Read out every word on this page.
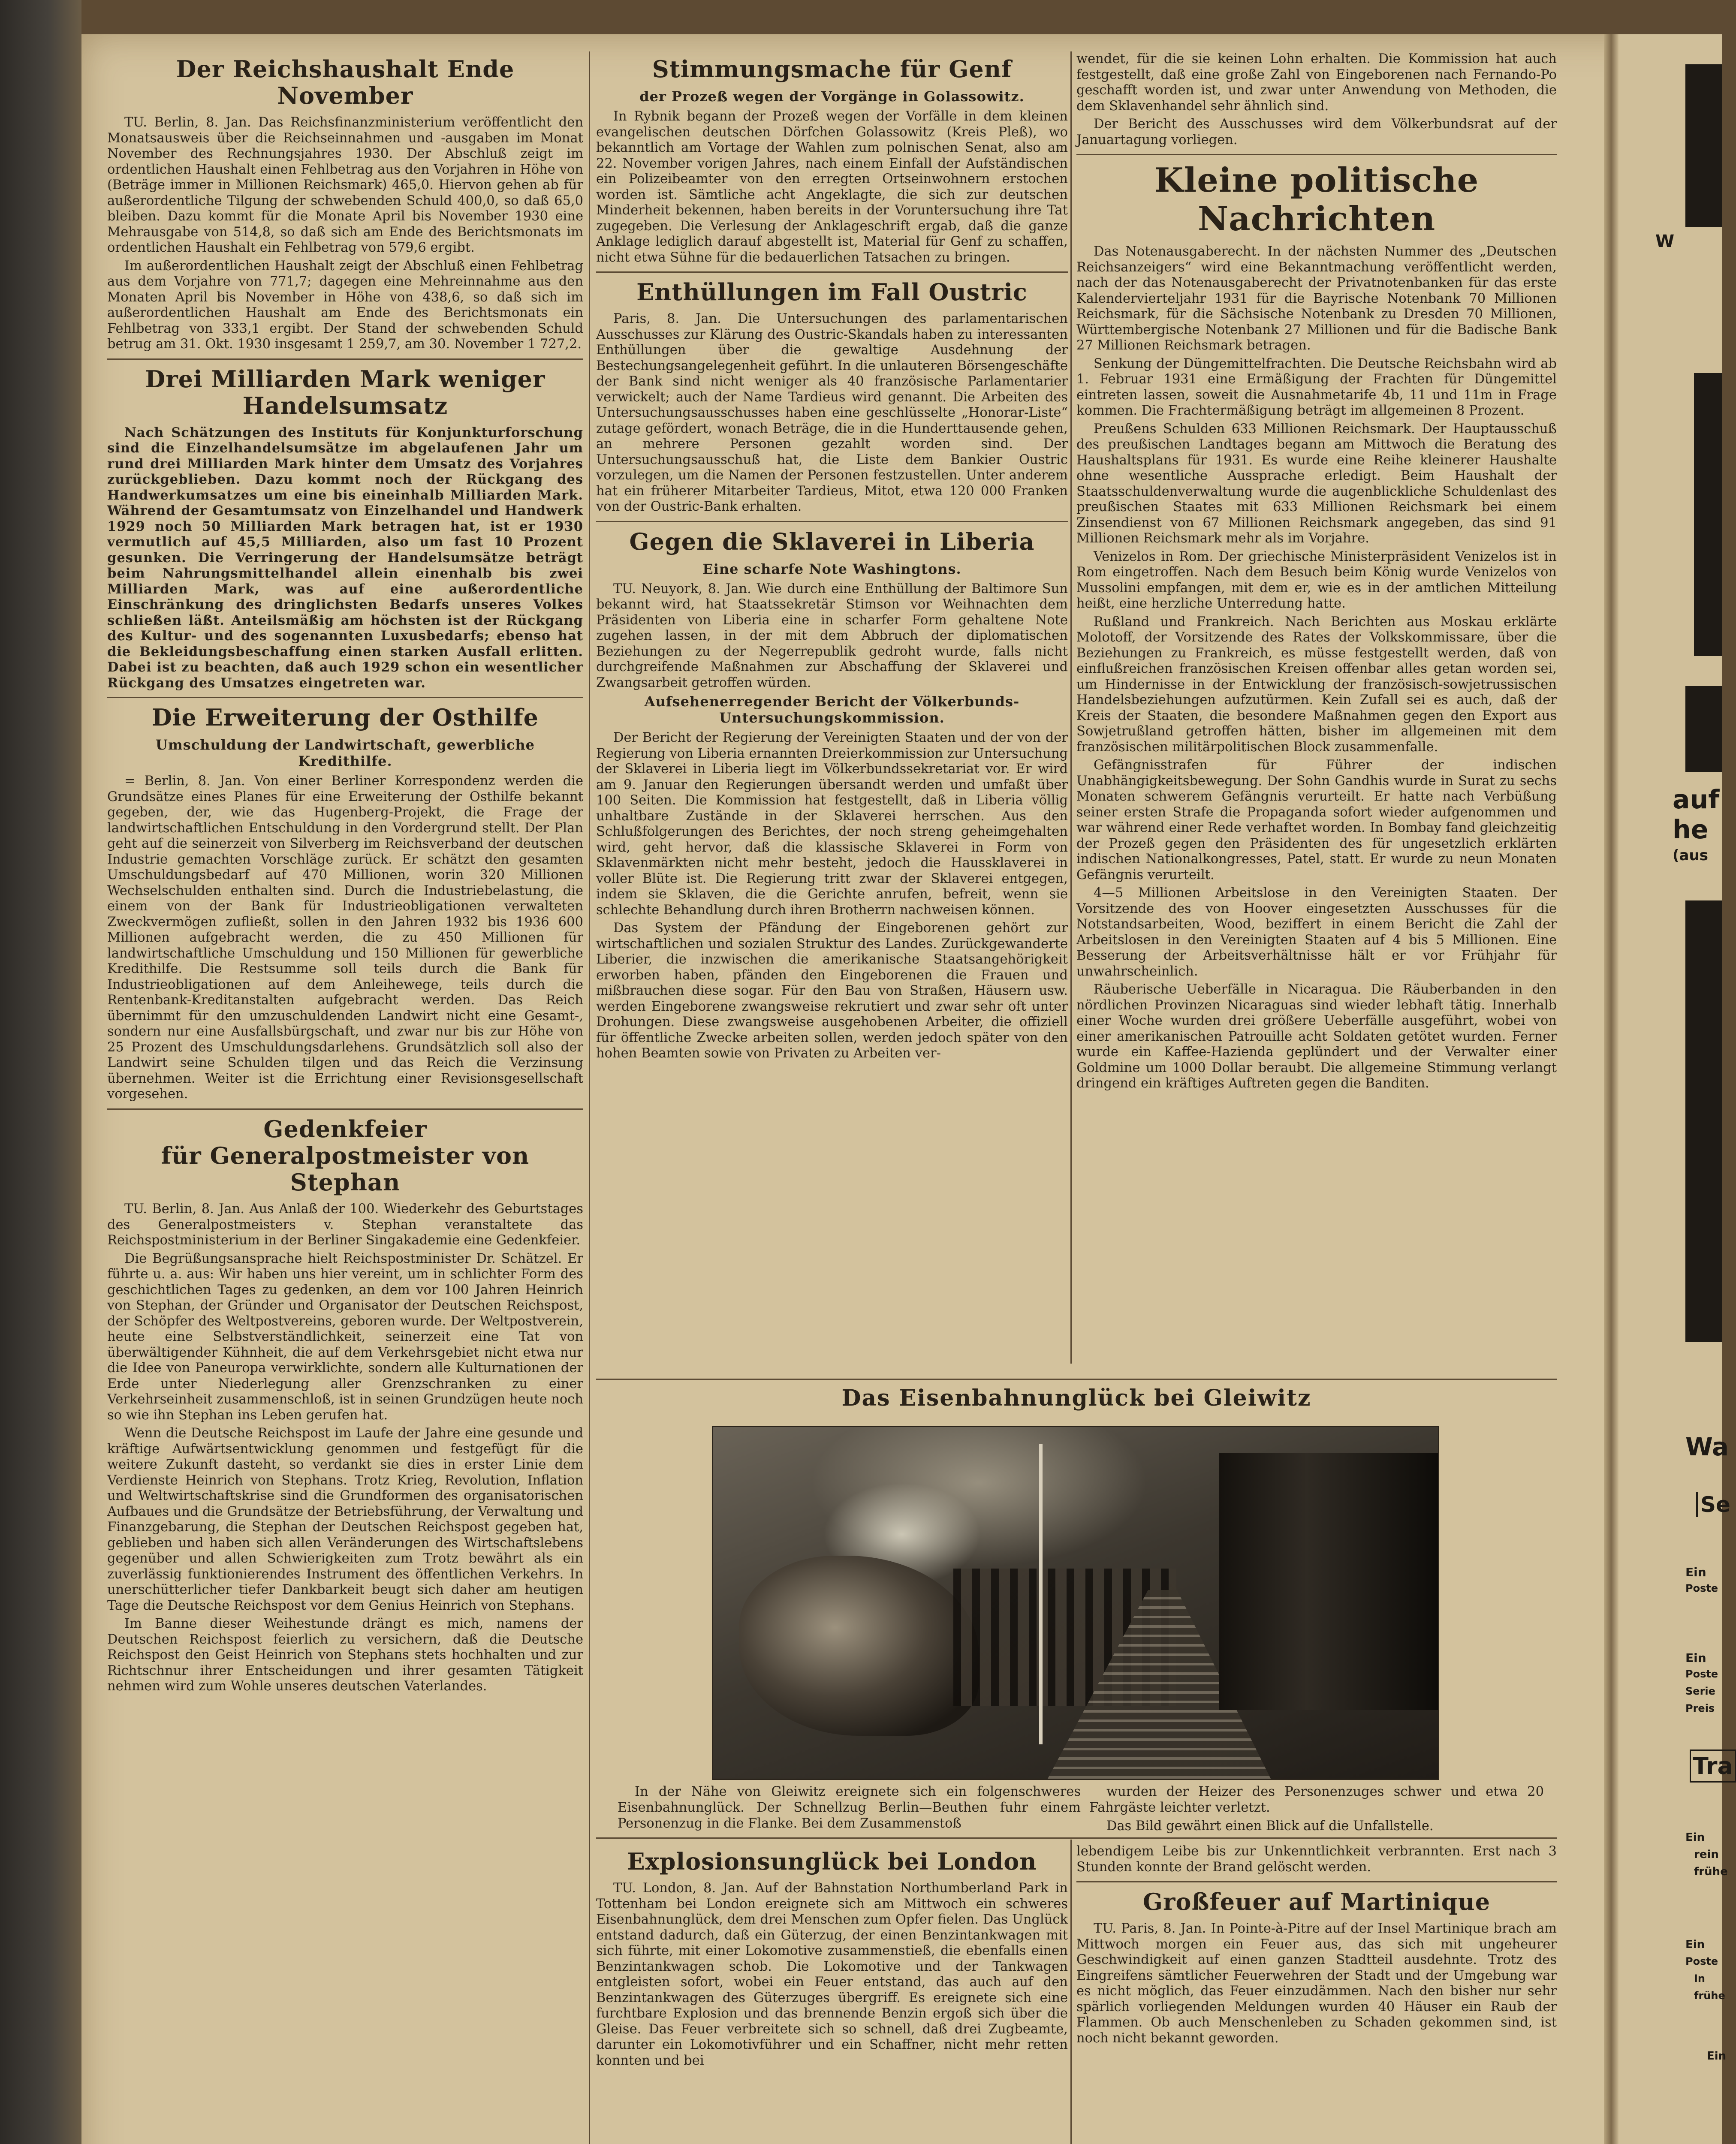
Der Reichshaushalt Ende November

TU. Berlin, 8. Jan. Das Reichsfinanzministerium veröffentlicht den Monatsausweis über die Reichseinnahmen und -ausgaben im Monat November des Rechnungsjahres 1930. Der Abschluß zeigt im ordentlichen Haushalt einen Fehlbetrag aus den Vorjahren in Höhe von (Beträge immer in Millionen Reichsmark) 465,0. Hiervon gehen ab für außerordentliche Tilgung der schwebenden Schuld 400,0, so daß 65,0 bleiben. Dazu kommt für die Monate April bis November 1930 eine Mehrausgabe von 514,8, so daß sich am Ende des Berichtsmonats im ordentlichen Haushalt ein Fehlbetrag von 579,6 ergibt.

Im außerordentlichen Haushalt zeigt der Abschluß einen Fehlbetrag aus dem Vorjahre von 771,7; dagegen eine Mehreinnahme aus den Monaten April bis November in Höhe von 438,6, so daß sich im außerordentlichen Haushalt am Ende des Berichtsmonats ein Fehlbetrag von 333,1 ergibt. Der Stand der schwebenden Schuld betrug am 31. Okt. 1930 insgesamt 1 259,7, am 30. November 1 727,2.

Drei Milliarden Mark weniger Handelsumsatz

Nach Schätzungen des Instituts für Konjunkturforschung sind die Einzelhandelsumsätze im abgelaufenen Jahr um rund drei Milliarden Mark hinter dem Umsatz des Vorjahres zurückgeblieben. Dazu kommt noch der Rückgang des Handwerkumsatzes um eine bis eineinhalb Milliarden Mark. Während der Gesamtumsatz von Einzelhandel und Handwerk 1929 noch 50 Milliarden Mark betragen hat, ist er 1930 vermutlich auf 45,5 Milliarden, also um fast 10 Prozent gesunken. Die Verringerung der Handelsumsätze beträgt beim Nahrungsmittelhandel allein einenhalb bis zwei Milliarden Mark, was auf eine außerordentliche Einschränkung des dringlichsten Bedarfs unseres Volkes schließen läßt. Anteilsmäßig am höchsten ist der Rückgang des Kultur- und des sogenannten Luxusbedarfs; ebenso hat die Bekleidungsbeschaffung einen starken Ausfall erlitten. Dabei ist zu beachten, daß auch 1929 schon ein wesentlicher Rückgang des Umsatzes eingetreten war.

Die Erweiterung der Osthilfe
Umschuldung der Landwirtschaft, gewerbliche Kredithilfe.

= Berlin, 8. Jan. Von einer Berliner Korrespondenz werden die Grundsätze eines Planes für eine Erweiterung der Osthilfe bekannt gegeben, der, wie das Hugenberg-Projekt, die Frage der landwirtschaftlichen Entschuldung in den Vordergrund stellt. Der Plan geht auf die seinerzeit von Silverberg im Reichsverband der deutschen Industrie gemachten Vorschläge zurück. Er schätzt den gesamten Umschuldungsbedarf auf 470 Millionen, worin 320 Millionen Wechselschulden enthalten sind. Durch die Industriebelastung, die einem von der Bank für Industrieobligationen verwalteten Zweckvermögen zufließt, sollen in den Jahren 1932 bis 1936 600 Millionen aufgebracht werden, die zu 450 Millionen für landwirtschaftliche Umschuldung und 150 Millionen für gewerbliche Kredithilfe. Die Restsumme soll teils durch die Bank für Industrieobligationen auf dem Anleihewege, teils durch die Rentenbank-Kreditanstalten aufgebracht werden. Das Reich übernimmt für den umzuschuldenden Landwirt nicht eine Gesamt-, sondern nur eine Ausfallsbürgschaft, und zwar nur bis zur Höhe von 25 Prozent des Umschuldungsdarlehens. Grundsätzlich soll also der Landwirt seine Schulden tilgen und das Reich die Verzinsung übernehmen. Weiter ist die Errichtung einer Revisionsgesellschaft vorgesehen.

Gedenkfeier
für Generalpostmeister von Stephan

TU. Berlin, 8. Jan. Aus Anlaß der 100. Wiederkehr des Geburtstages des Generalpostmeisters v. Stephan veranstaltete das Reichspostministerium in der Berliner Singakademie eine Gedenkfeier.

Die Begrüßungsansprache hielt Reichspostminister Dr. Schätzel. Er führte u. a. aus: Wir haben uns hier vereint, um in schlichter Form des geschichtlichen Tages zu gedenken, an dem vor 100 Jahren Heinrich von Stephan, der Gründer und Organisator der Deutschen Reichspost, der Schöpfer des Weltpostvereins, geboren wurde. Der Weltpostverein, heute eine Selbstverständlichkeit, seinerzeit eine Tat von überwältigender Kühnheit, die auf dem Verkehrsgebiet nicht etwa nur die Idee von Paneuropa verwirklichte, sondern alle Kulturnationen der Erde unter Niederlegung aller Grenzschranken zu einer Verkehrseinheit zusammenschloß, ist in seinen Grundzügen heute noch so wie ihn Stephan ins Leben gerufen hat.

Wenn die Deutsche Reichspost im Laufe der Jahre eine gesunde und kräftige Aufwärtsentwicklung genommen und festgefügt für die weitere Zukunft dasteht, so verdankt sie dies in erster Linie dem Verdienste Heinrich von Stephans. Trotz Krieg, Revolution, Inflation und Weltwirtschaftskrise sind die Grundformen des organisatorischen Aufbaues und die Grundsätze der Betriebsführung, der Verwaltung und Finanzgebarung, die Stephan der Deutschen Reichspost gegeben hat, geblieben und haben sich allen Veränderungen des Wirtschaftslebens gegenüber und allen Schwierigkeiten zum Trotz bewährt als ein zuverlässig funktionierendes Instrument des öffentlichen Verkehrs. In unerschütterlicher tiefer Dankbarkeit beugt sich daher am heutigen Tage die Deutsche Reichspost vor dem Genius Heinrich von Stephans.

Im Banne dieser Weihestunde drängt es mich, namens der Deutschen Reichspost feierlich zu versichern, daß die Deutsche Reichspost den Geist Heinrich von Stephans stets hochhalten und zur Richtschnur ihrer Entscheidungen und ihrer gesamten Tätigkeit nehmen wird zum Wohle unseres deutschen Vaterlandes.

Stimmungsmache für Genf
der Prozeß wegen der Vorgänge in Golassowitz.

In Rybnik begann der Prozeß wegen der Vorfälle in dem kleinen evangelischen deutschen Dörfchen Golassowitz (Kreis Pleß), wo bekanntlich am Vortage der Wahlen zum polnischen Senat, also am 22. November vorigen Jahres, nach einem Einfall der Aufständischen ein Polizeibeamter von den erregten Ortseinwohnern erstochen worden ist. Sämtliche acht Angeklagte, die sich zur deutschen Minderheit bekennen, haben bereits in der Voruntersuchung ihre Tat zugegeben. Die Verlesung der Anklageschrift ergab, daß die ganze Anklage lediglich darauf abgestellt ist, Material für Genf zu schaffen, nicht etwa Sühne für die bedauerlichen Tatsachen zu bringen.

Enthüllungen im Fall Oustric

Paris, 8. Jan. Die Untersuchungen des parlamentarischen Ausschusses zur Klärung des Oustric-Skandals haben zu interessanten Enthüllungen über die gewaltige Ausdehnung der Bestechungsangelegenheit geführt. In die unlauteren Börsengeschäfte der Bank sind nicht weniger als 40 französische Parlamentarier verwickelt; auch der Name Tardieus wird genannt. Die Arbeiten des Untersuchungsausschusses haben eine geschlüsselte „Honorar-Liste“ zutage gefördert, wonach Beträge, die in die Hunderttausende gehen, an mehrere Personen gezahlt worden sind. Der Untersuchungsausschuß hat, die Liste dem Bankier Oustric vorzulegen, um die Namen der Personen festzustellen. Unter anderem hat ein früherer Mitarbeiter Tardieus, Mitot, etwa 120 000 Franken von der Oustric-Bank erhalten.

Gegen die Sklaverei in Liberia
Eine scharfe Note Washingtons.

TU. Neuyork, 8. Jan. Wie durch eine Enthüllung der Baltimore Sun bekannt wird, hat Staatssekretär Stimson vor Weihnachten dem Präsidenten von Liberia eine in scharfer Form gehaltene Note zugehen lassen, in der mit dem Abbruch der diplomatischen Beziehungen zu der Negerrepublik gedroht wurde, falls nicht durchgreifende Maßnahmen zur Abschaffung der Sklaverei und Zwangsarbeit getroffen würden.

Aufsehenerregender Bericht der Völkerbunds-Untersuchungskommission.

Der Bericht der Regierung der Vereinigten Staaten und der von der Regierung von Liberia ernannten Dreierkommission zur Untersuchung der Sklaverei in Liberia liegt im Völkerbundssekretariat vor. Er wird am 9. Januar den Regierungen übersandt werden und umfaßt über 100 Seiten. Die Kommission hat festgestellt, daß in Liberia völlig unhaltbare Zustände in der Sklaverei herrschen. Aus den Schlußfolgerungen des Berichtes, der noch streng geheimgehalten wird, geht hervor, daß die klassische Sklaverei in Form von Sklavenmärkten nicht mehr besteht, jedoch die Haussklaverei in voller Blüte ist. Die Regierung tritt zwar der Sklaverei entgegen, indem sie Sklaven, die die Gerichte anrufen, befreit, wenn sie schlechte Behandlung durch ihren Brotherrn nachweisen können.

Das System der Pfändung der Eingeborenen gehört zur wirtschaftlichen und sozialen Struktur des Landes. Zurückgewanderte Liberier, die inzwischen die amerikanische Staatsangehörigkeit erworben haben, pfänden den Eingeborenen die Frauen und mißbrauchen diese sogar. Für den Bau von Straßen, Häusern usw. werden Eingeborene zwangsweise rekrutiert und zwar sehr oft unter Drohungen. Diese zwangsweise ausgehobenen Arbeiter, die offiziell für öffentliche Zwecke arbeiten sollen, werden jedoch später von den hohen Beamten sowie von Privaten zu Arbeiten ver-

wendet, für die sie keinen Lohn erhalten. Die Kommission hat auch festgestellt, daß eine große Zahl von Eingeborenen nach Fernando-Po geschafft worden ist, und zwar unter Anwendung von Methoden, die dem Sklavenhandel sehr ähnlich sind.

Der Bericht des Ausschusses wird dem Völkerbundsrat auf der Januartagung vorliegen.

Kleine politische Nachrichten

Das Notenausgaberecht. In der nächsten Nummer des „Deutschen Reichsanzeigers“ wird eine Bekanntmachung veröffentlicht werden, nach der das Notenausgaberecht der Privatnotenbanken für das erste Kalendervierteljahr 1931 für die Bayrische Notenbank 70 Millionen Reichsmark, für die Sächsische Notenbank zu Dresden 70 Millionen, Württembergische Notenbank 27 Millionen und für die Badische Bank 27 Millionen Reichsmark betragen.

Senkung der Düngemittelfrachten. Die Deutsche Reichsbahn wird ab 1. Februar 1931 eine Ermäßigung der Frachten für Düngemittel eintreten lassen, soweit die Ausnahmetarife 4b, 11 und 11m in Frage kommen. Die Frachtermäßigung beträgt im allgemeinen 8 Prozent.

Preußens Schulden 633 Millionen Reichsmark. Der Hauptausschuß des preußischen Landtages begann am Mittwoch die Beratung des Haushaltsplans für 1931. Es wurde eine Reihe kleinerer Haushalte ohne wesentliche Aussprache erledigt. Beim Haushalt der Staatsschuldenverwaltung wurde die augenblickliche Schuldenlast des preußischen Staates mit 633 Millionen Reichsmark bei einem Zinsendienst von 67 Millionen Reichsmark angegeben, das sind 91 Millionen Reichsmark mehr als im Vorjahre.

Venizelos in Rom. Der griechische Ministerpräsident Venizelos ist in Rom eingetroffen. Nach dem Besuch beim König wurde Venizelos von Mussolini empfangen, mit dem er, wie es in der amtlichen Mitteilung heißt, eine herzliche Unterredung hatte.

Rußland und Frankreich. Nach Berichten aus Moskau erklärte Molotoff, der Vorsitzende des Rates der Volkskommissare, über die Beziehungen zu Frankreich, es müsse festgestellt werden, daß von einflußreichen französischen Kreisen offenbar alles getan worden sei, um Hindernisse in der Entwicklung der französisch-sowjetrussischen Handelsbeziehungen aufzutürmen. Kein Zufall sei es auch, daß der Kreis der Staaten, die besondere Maßnahmen gegen den Export aus Sowjetrußland getroffen hätten, bisher im allgemeinen mit dem französischen militärpolitischen Block zusammenfalle.

Gefängnisstrafen für Führer der indischen Unabhängigkeitsbewegung. Der Sohn Gandhis wurde in Surat zu sechs Monaten schwerem Gefängnis verurteilt. Er hatte nach Verbüßung seiner ersten Strafe die Propaganda sofort wieder aufgenommen und war während einer Rede verhaftet worden. In Bombay fand gleichzeitig der Prozeß gegen den Präsidenten des für ungesetzlich erklärten indischen Nationalkongresses, Patel, statt. Er wurde zu neun Monaten Gefängnis verurteilt.

4—5 Millionen Arbeitslose in den Vereinigten Staaten. Der Vorsitzende des von Hoover eingesetzten Ausschusses für die Notstandsarbeiten, Wood, beziffert in einem Bericht die Zahl der Arbeitslosen in den Vereinigten Staaten auf 4 bis 5 Millionen. Eine Besserung der Arbeitsverhältnisse hält er vor Frühjahr für unwahrscheinlich.

Räuberische Ueberfälle in Nicaragua. Die Räuberbanden in den nördlichen Provinzen Nicaraguas sind wieder lebhaft tätig. Innerhalb einer Woche wurden drei größere Ueberfälle ausgeführt, wobei von einer amerikanischen Patrouille acht Soldaten getötet wurden. Ferner wurde ein Kaffee-Hazienda geplündert und der Verwalter einer Goldmine um 1000 Dollar beraubt. Die allgemeine Stimmung verlangt dringend ein kräftiges Auftreten gegen die Banditen.

Das Eisenbahnunglück bei Gleiwitz

In der Nähe von Gleiwitz ereignete sich ein folgenschweres Eisenbahnunglück. Der Schnellzug Berlin—Beuthen fuhr einem Personenzug in die Flanke. Bei dem Zusammenstoß

wurden der Heizer des Personenzuges schwer und etwa 20 Fahrgäste leichter verletzt.

Das Bild gewährt einen Blick auf die Unfallstelle.

Explosionsunglück bei London

TU. London, 8. Jan. Auf der Bahnstation Northumberland Park in Tottenham bei London ereignete sich am Mittwoch ein schweres Eisenbahnunglück, dem drei Menschen zum Opfer fielen. Das Unglück entstand dadurch, daß ein Güterzug, der einen Benzintankwagen mit sich führte, mit einer Lokomotive zusammenstieß, die ebenfalls einen Benzintankwagen schob. Die Lokomotive und der Tankwagen entgleisten sofort, wobei ein Feuer entstand, das auch auf den Benzintankwagen des Güterzuges übergriff. Es ereignete sich eine furchtbare Explosion und das brennende Benzin ergoß sich über die Gleise. Das Feuer verbreitete sich so schnell, daß drei Zugbeamte, darunter ein Lokomotivführer und ein Schaffner, nicht mehr retten konnten und bei

lebendigem Leibe bis zur Unkenntlichkeit verbrannten. Erst nach 3 Stunden konnte der Brand gelöscht werden.

Großfeuer auf Martinique

TU. Paris, 8. Jan. In Pointe-à-Pitre auf der Insel Martinique brach am Mittwoch morgen ein Feuer aus, das sich mit ungeheurer Geschwindigkeit auf einen ganzen Stadtteil ausdehnte. Trotz des Eingreifens sämtlicher Feuerwehren der Stadt und der Umgebung war es nicht möglich, das Feuer einzudämmen. Nach den bisher nur sehr spärlich vorliegenden Meldungen wurden 40 Häuser ein Raub der Flammen. Ob auch Menschenleben zu Schaden gekommen sind, ist noch nicht bekannt geworden.

W
auf
he
(aus
Wa
Se
Ein
Poste
Ein
Poste
Serie
Preis
Tra
Ein
rein
frühe
Ein
Poste
In
frühe
Ein
